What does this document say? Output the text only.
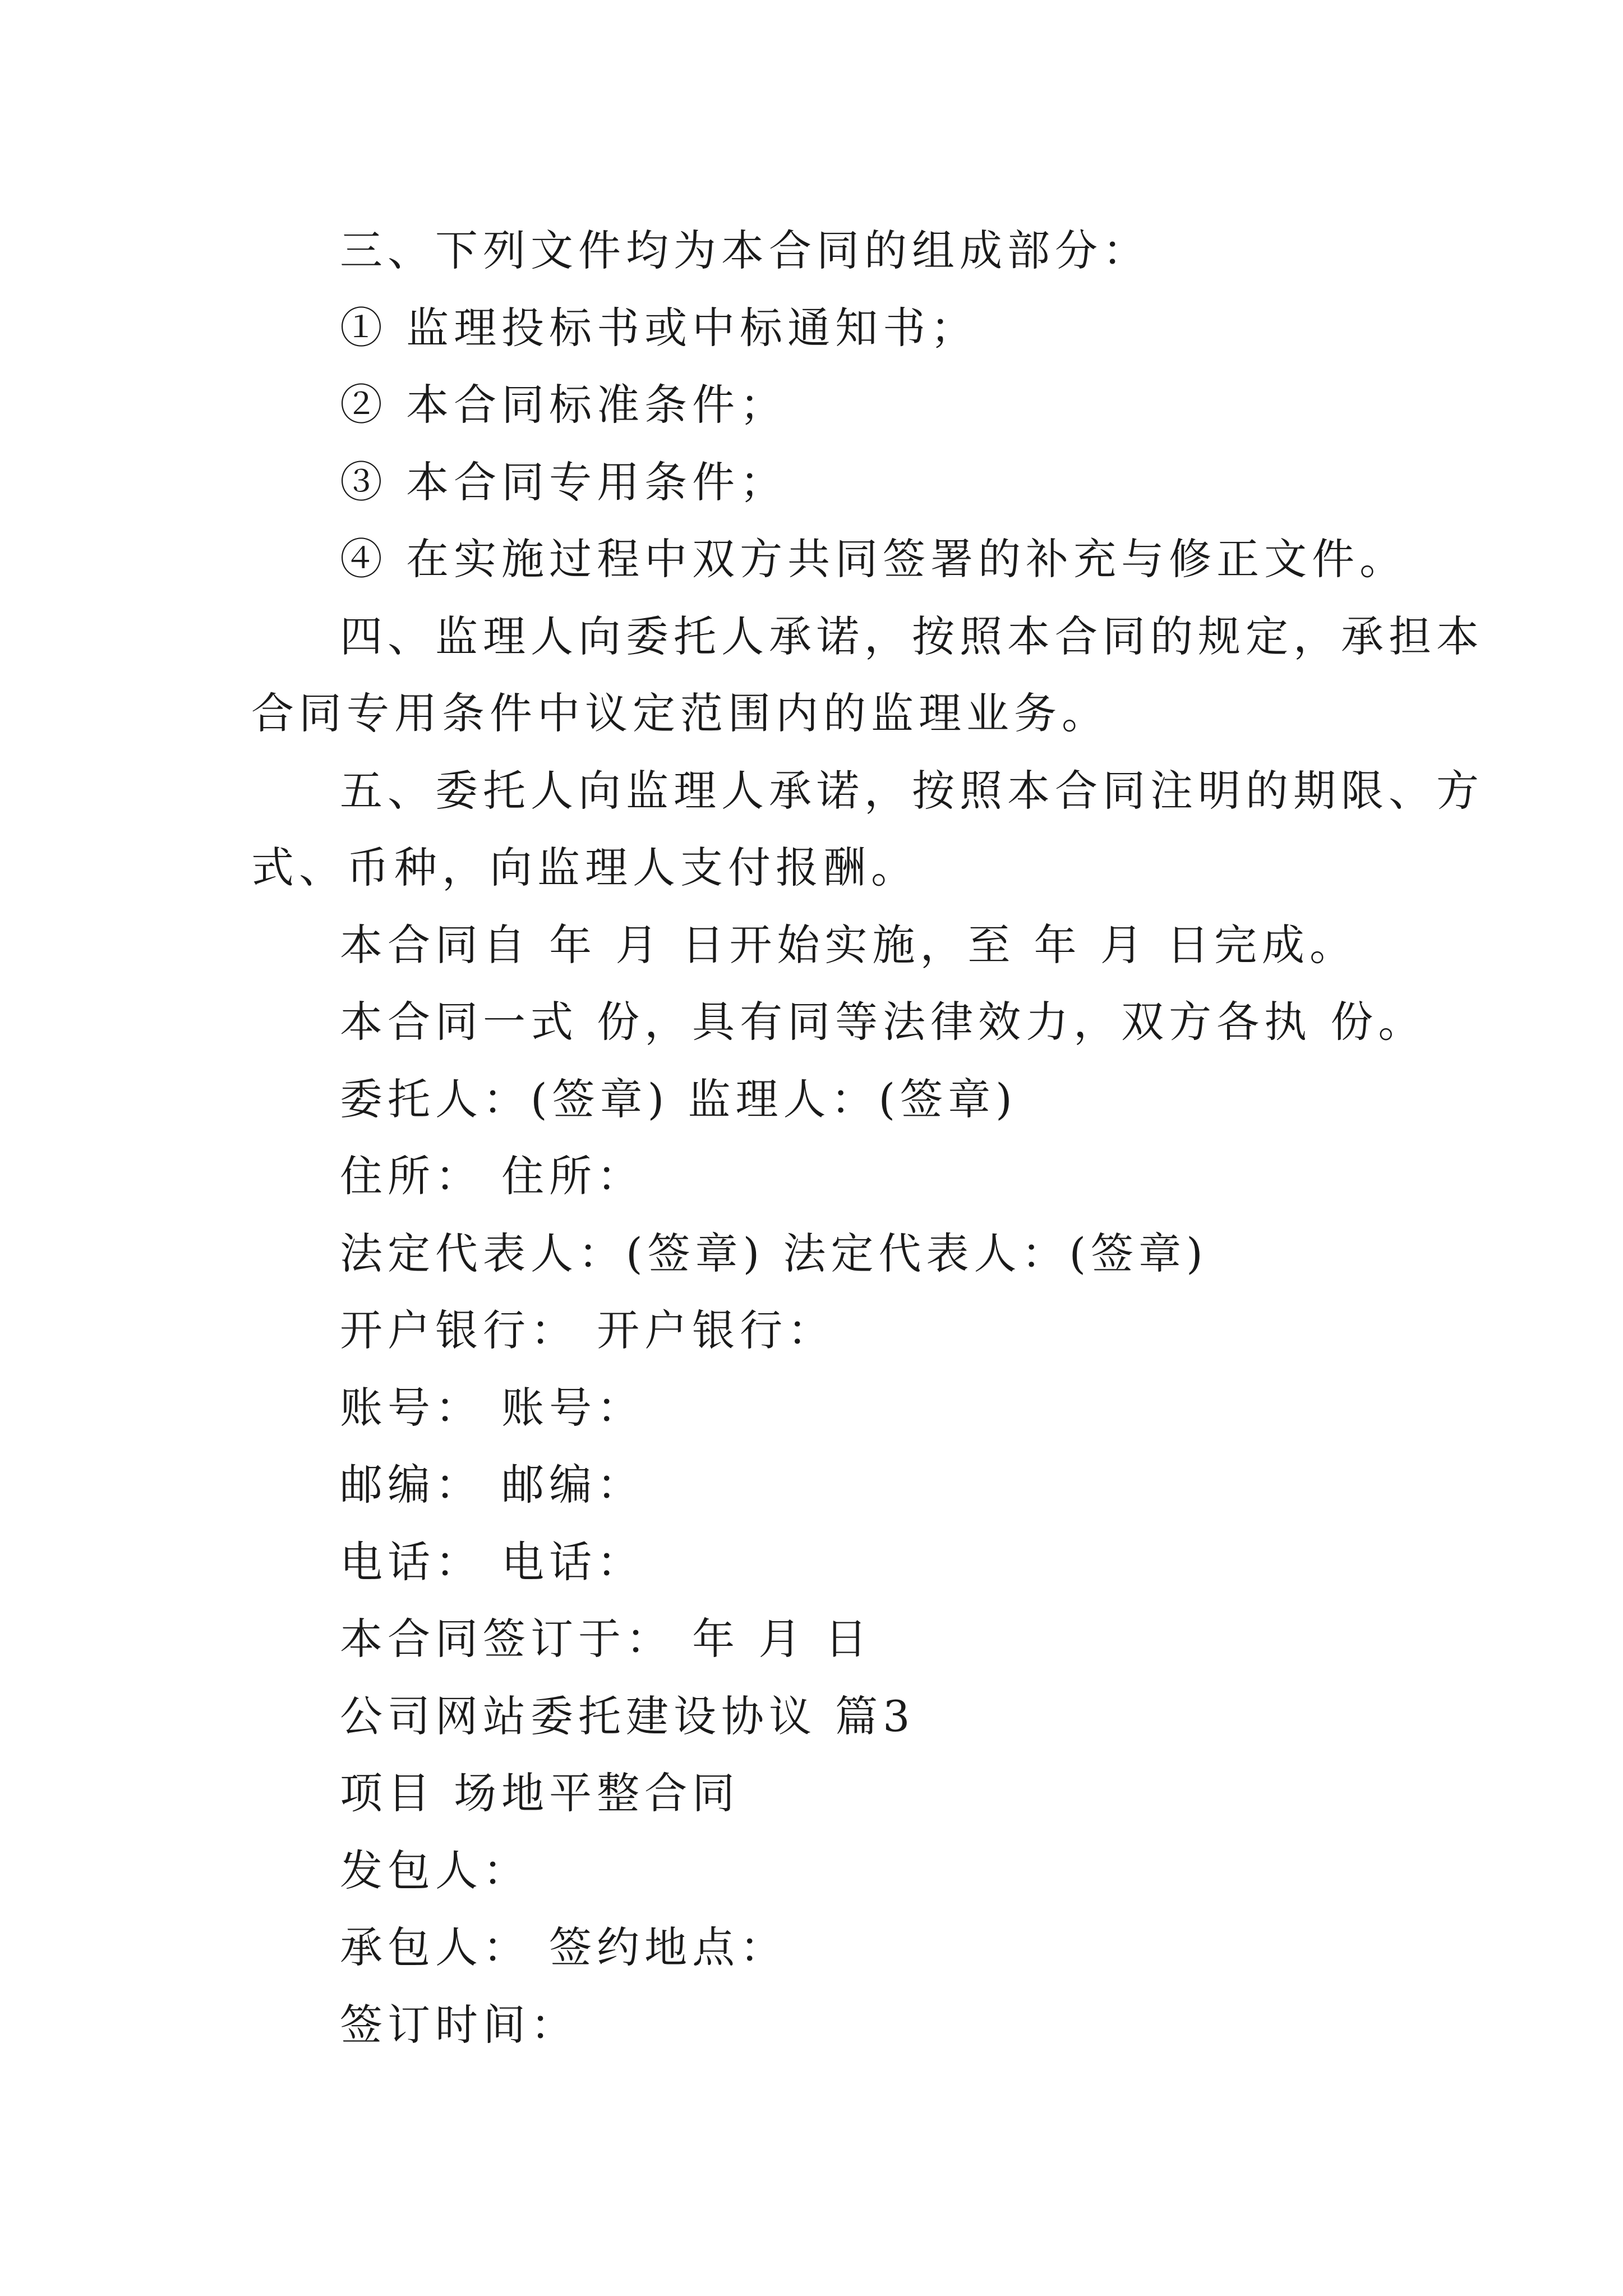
三、下列文件均为本合同的组成部分：
① 监理投标书或中标通知书；
② 本合同标准条件；
③ 本合同专用条件；
④ 在实施过程中双方共同签署的补充与修正文件。
四、监理人向委托人承诺，按照本合同的规定，承担本
合同专用条件中议定范围内的监理业务。
五、委托人向监理人承诺，按照本合同注明的期限、方
式、币种，向监理人支付报酬。
本合同自 年 月 日开始实施，至 年 月 日完成。
本合同一式 份，具有同等法律效力，双方各执 份。
委托人：(签章) 监理人：(签章)
住所： 住所：
法定代表人：(签章) 法定代表人：(签章)
开户银行： 开户银行：
账号： 账号：
邮编： 邮编：
电话： 电话：
本合同签订于： 年 月 日
公司网站委托建设协议 篇3
项目 场地平整合同
发包人：
承包人： 签约地点：
签订时间：
